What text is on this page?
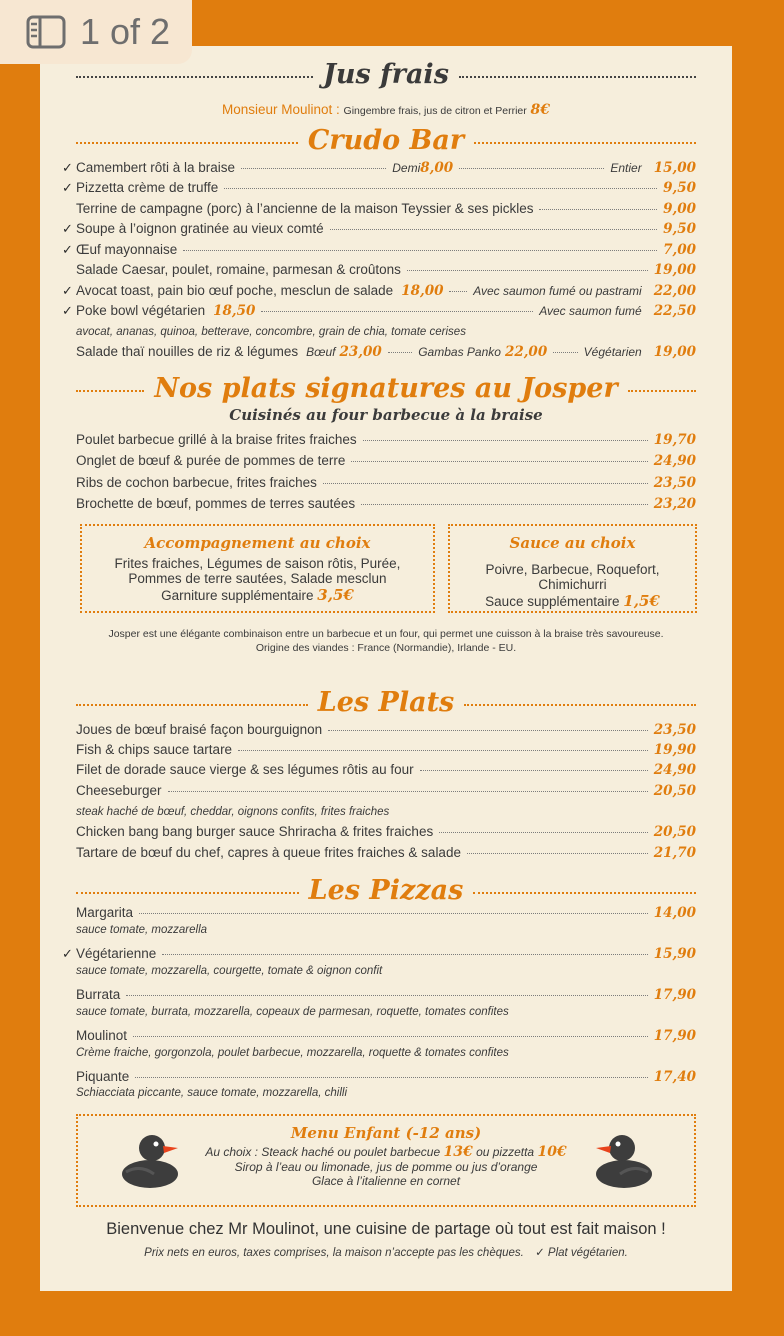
1 of 2
Jus frais
Monsieur Moulinot : Gingembre frais, jus de citron et Perrier 8€
Crudo Bar
✓ Camembert rôti à la braise	Demi 8,00	Entier 15,00
✓ Pizzetta crème de truffe	9,50
Terrine de campagne (porc) à l’ancienne de la maison Teyssier & ses pickles	9,00
✓ Soupe à l’oignon gratinée au vieux comté	9,50
✓ Œuf mayonnaise	7,00
Salade Caesar, poulet, romaine, parmesan & croûtons	19,00
✓ Avocat toast, pain bio œuf poche, mesclun de salade 18,00 Avec saumon fumé ou pastrami 22,00
✓ Poke bowl végétarien 18,50	Avec saumon fumé 22,50
avocat, ananas, quinoa, betterave, concombre, grain de chia, tomate cerises
Salade thaï nouilles de riz & légumes Bœuf 23,00	Gambas Panko 22,00	Végétarien 19,00
Nos plats signatures au Josper
Cuisinés au four barbecue à la braise
Poulet barbecue grillé à la braise frites fraiches	19,70
Onglet de bœuf & purée de pommes de terre	24,90
Ribs de cochon barbecue, frites fraiches	23,50
Brochette de bœuf, pommes de terres sautées	23,20
Accompagnement au choix
Frites fraiches, Légumes de saison rôtis, Purée,
Pommes de terre sautées, Salade mesclun
Garniture supplémentaire 3,5€
Sauce au choix
Poivre, Barbecue, Roquefort, Chimichurri
Sauce supplémentaire 1,5€
Josper est une élégante combinaison entre un barbecue et un four, qui permet une cuisson à la braise très savoureuse.
Origine des viandes : France (Normandie), Irlande - EU.
Les Plats
Joues de bœuf braisé façon bourguignon	23,50
Fish & chips sauce tartare	19,90
Filet de dorade sauce vierge & ses légumes rôtis au four	24,90
Cheeseburger	20,50
steak haché de bœuf, cheddar, oignons confits, frites fraiches
Chicken bang bang burger sauce Shriracha & frites fraiches	20,50
Tartare de bœuf du chef, capres à queue frites fraiches & salade	21,70
Les Pizzas
Margarita	14,00
sauce tomate, mozzarella
✓ Végétarienne	15,90
sauce tomate, mozzarella, courgette, tomate & oignon confit
Burrata	17,90
sauce tomate, burrata, mozzarella, copeaux de parmesan, roquette, tomates confites
Moulinot	17,90
Crème fraiche, gorgonzola, poulet barbecue, mozzarella, roquette & tomates confites
Piquante	17,40
Schiacciata piccante, sauce tomate, mozzarella, chilli
Menu Enfant (-12 ans)
Au choix : Steack haché ou poulet barbecue 13€ ou pizzetta 10€
Sirop à l’eau ou limonade, jus de pomme ou jus d’orange
Glace à l’italienne en cornet
Bienvenue chez Mr Moulinot, une cuisine de partage où tout est fait maison !
Prix nets en euros, taxes comprises, la maison n’accepte pas les chèques. ✓ Plat végétarien.
